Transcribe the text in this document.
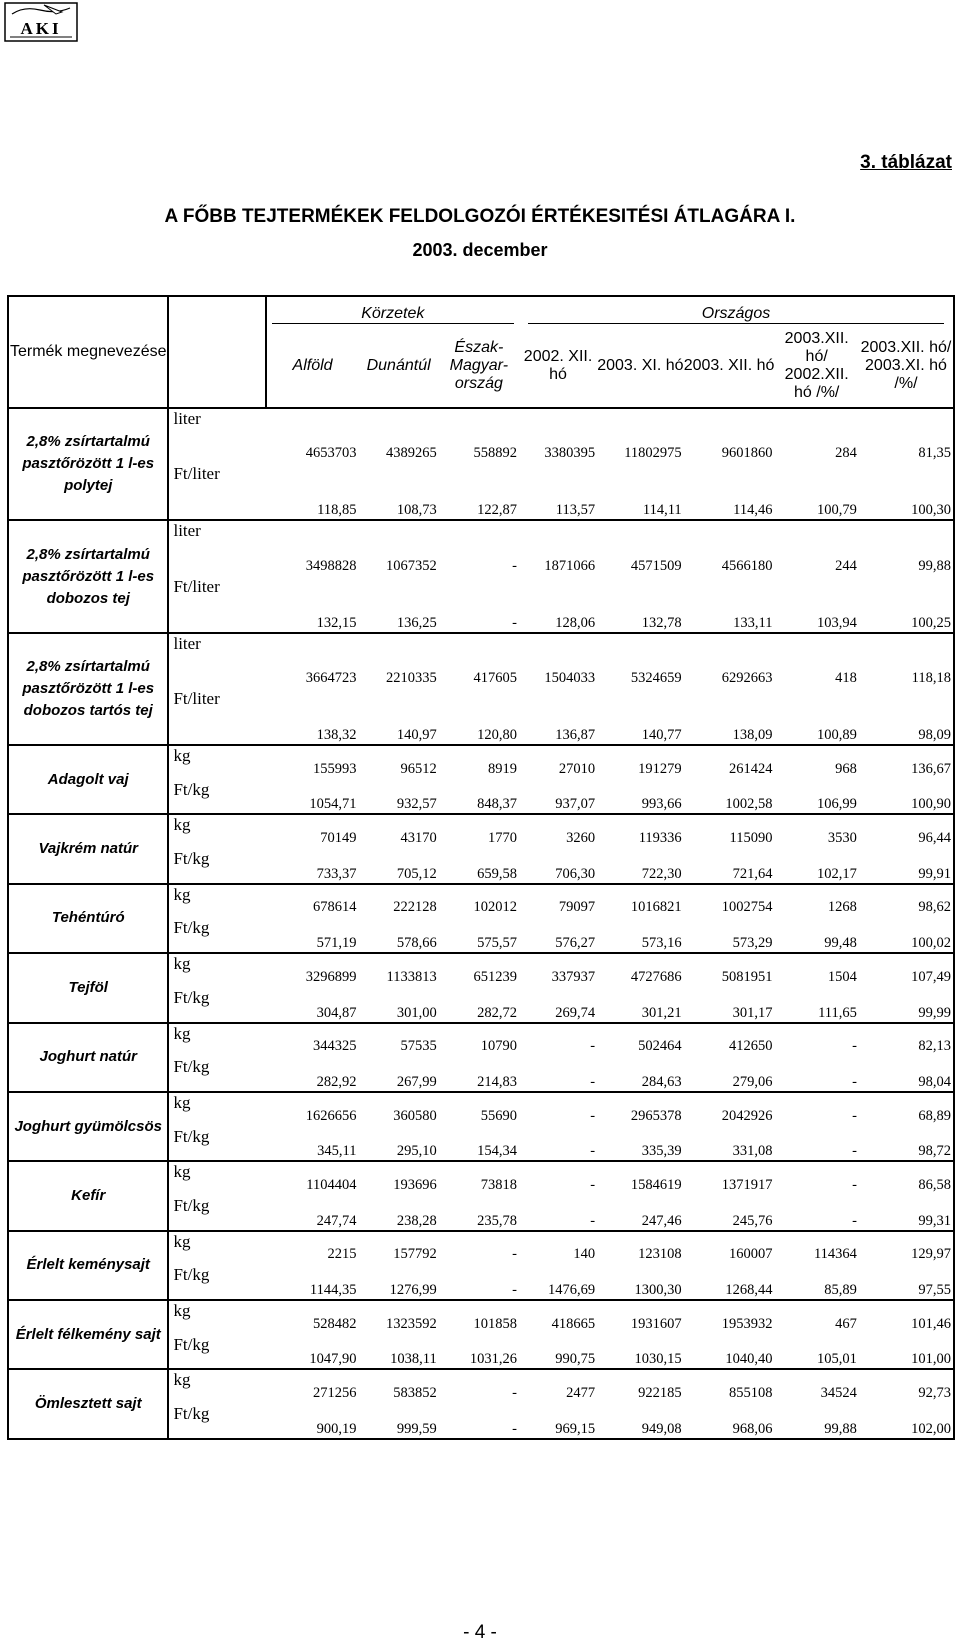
AKI
3. táblázat
A FŐBB TEJTERMÉKEK FELDOLGOZÓI ÉRTÉKESITÉSI ÁTLAGÁRA I.
2003. december
Termék megnevezése		Körzetek			Országos				
		Alföld	Dunántúl	Észak-Magyar-ország	2002. XII. hó	2003. XI. hó	2003. XII. hó	2003.XII. hó/ 2002.XII. hó /%/	2003.XII. hó/ 2003.XI. hó /%/
2,8% zsírtartalmú pasztőrözött 1 l-es polytej	liter	4653703	4389265	558892	3380395	11802975	9601860	284	81,35
	Ft/liter	118,85	108,73	122,87	113,57	114,11	114,46	100,79	100,30
2,8% zsírtartalmú pasztőrözött 1 l-es dobozos tej	liter	3498828	1067352	-	1871066	4571509	4566180	244	99,88
	Ft/liter	132,15	136,25	-	128,06	132,78	133,11	103,94	100,25
2,8% zsírtartalmú pasztőrözött 1 l-es dobozos tartós tej	liter	3664723	2210335	417605	1504033	5324659	6292663	418	118,18
	Ft/liter	138,32	140,97	120,80	136,87	140,77	138,09	100,89	98,09
Adagolt vaj	kg	155993	96512	8919	27010	191279	261424	968	136,67
	Ft/kg	1054,71	932,57	848,37	937,07	993,66	1002,58	106,99	100,90
Vajkrém natúr	kg	70149	43170	1770	3260	119336	115090	3530	96,44
	Ft/kg	733,37	705,12	659,58	706,30	722,30	721,64	102,17	99,91
Tehéntúró	kg	678614	222128	102012	79097	1016821	1002754	1268	98,62
	Ft/kg	571,19	578,66	575,57	576,27	573,16	573,29	99,48	100,02
Tejföl	kg	3296899	1133813	651239	337937	4727686	5081951	1504	107,49
	Ft/kg	304,87	301,00	282,72	269,74	301,21	301,17	111,65	99,99
Joghurt natúr	kg	344325	57535	10790	-	502464	412650	-	82,13
	Ft/kg	282,92	267,99	214,83	-	284,63	279,06	-	98,04
Joghurt gyümölcsös	kg	1626656	360580	55690	-	2965378	2042926	-	68,89
	Ft/kg	345,11	295,10	154,34	-	335,39	331,08	-	98,72
Kefír	kg	1104404	193696	73818	-	1584619	1371917	-	86,58
	Ft/kg	247,74	238,28	235,78	-	247,46	245,76	-	99,31
Érlelt keménysajt	kg	2215	157792	-	140	123108	160007	114364	129,97
	Ft/kg	1144,35	1276,99	-	1476,69	1300,30	1268,44	85,89	97,55
Érlelt félkemény sajt	kg	528482	1323592	101858	418665	1931607	1953932	467	101,46
	Ft/kg	1047,90	1038,11	1031,26	990,75	1030,15	1040,40	105,01	101,00
Ömlesztett sajt	kg	271256	583852	-	2477	922185	855108	34524	92,73
	Ft/kg	900,19	999,59	-	969,15	949,08	968,06	99,88	102,00
- 4 -
